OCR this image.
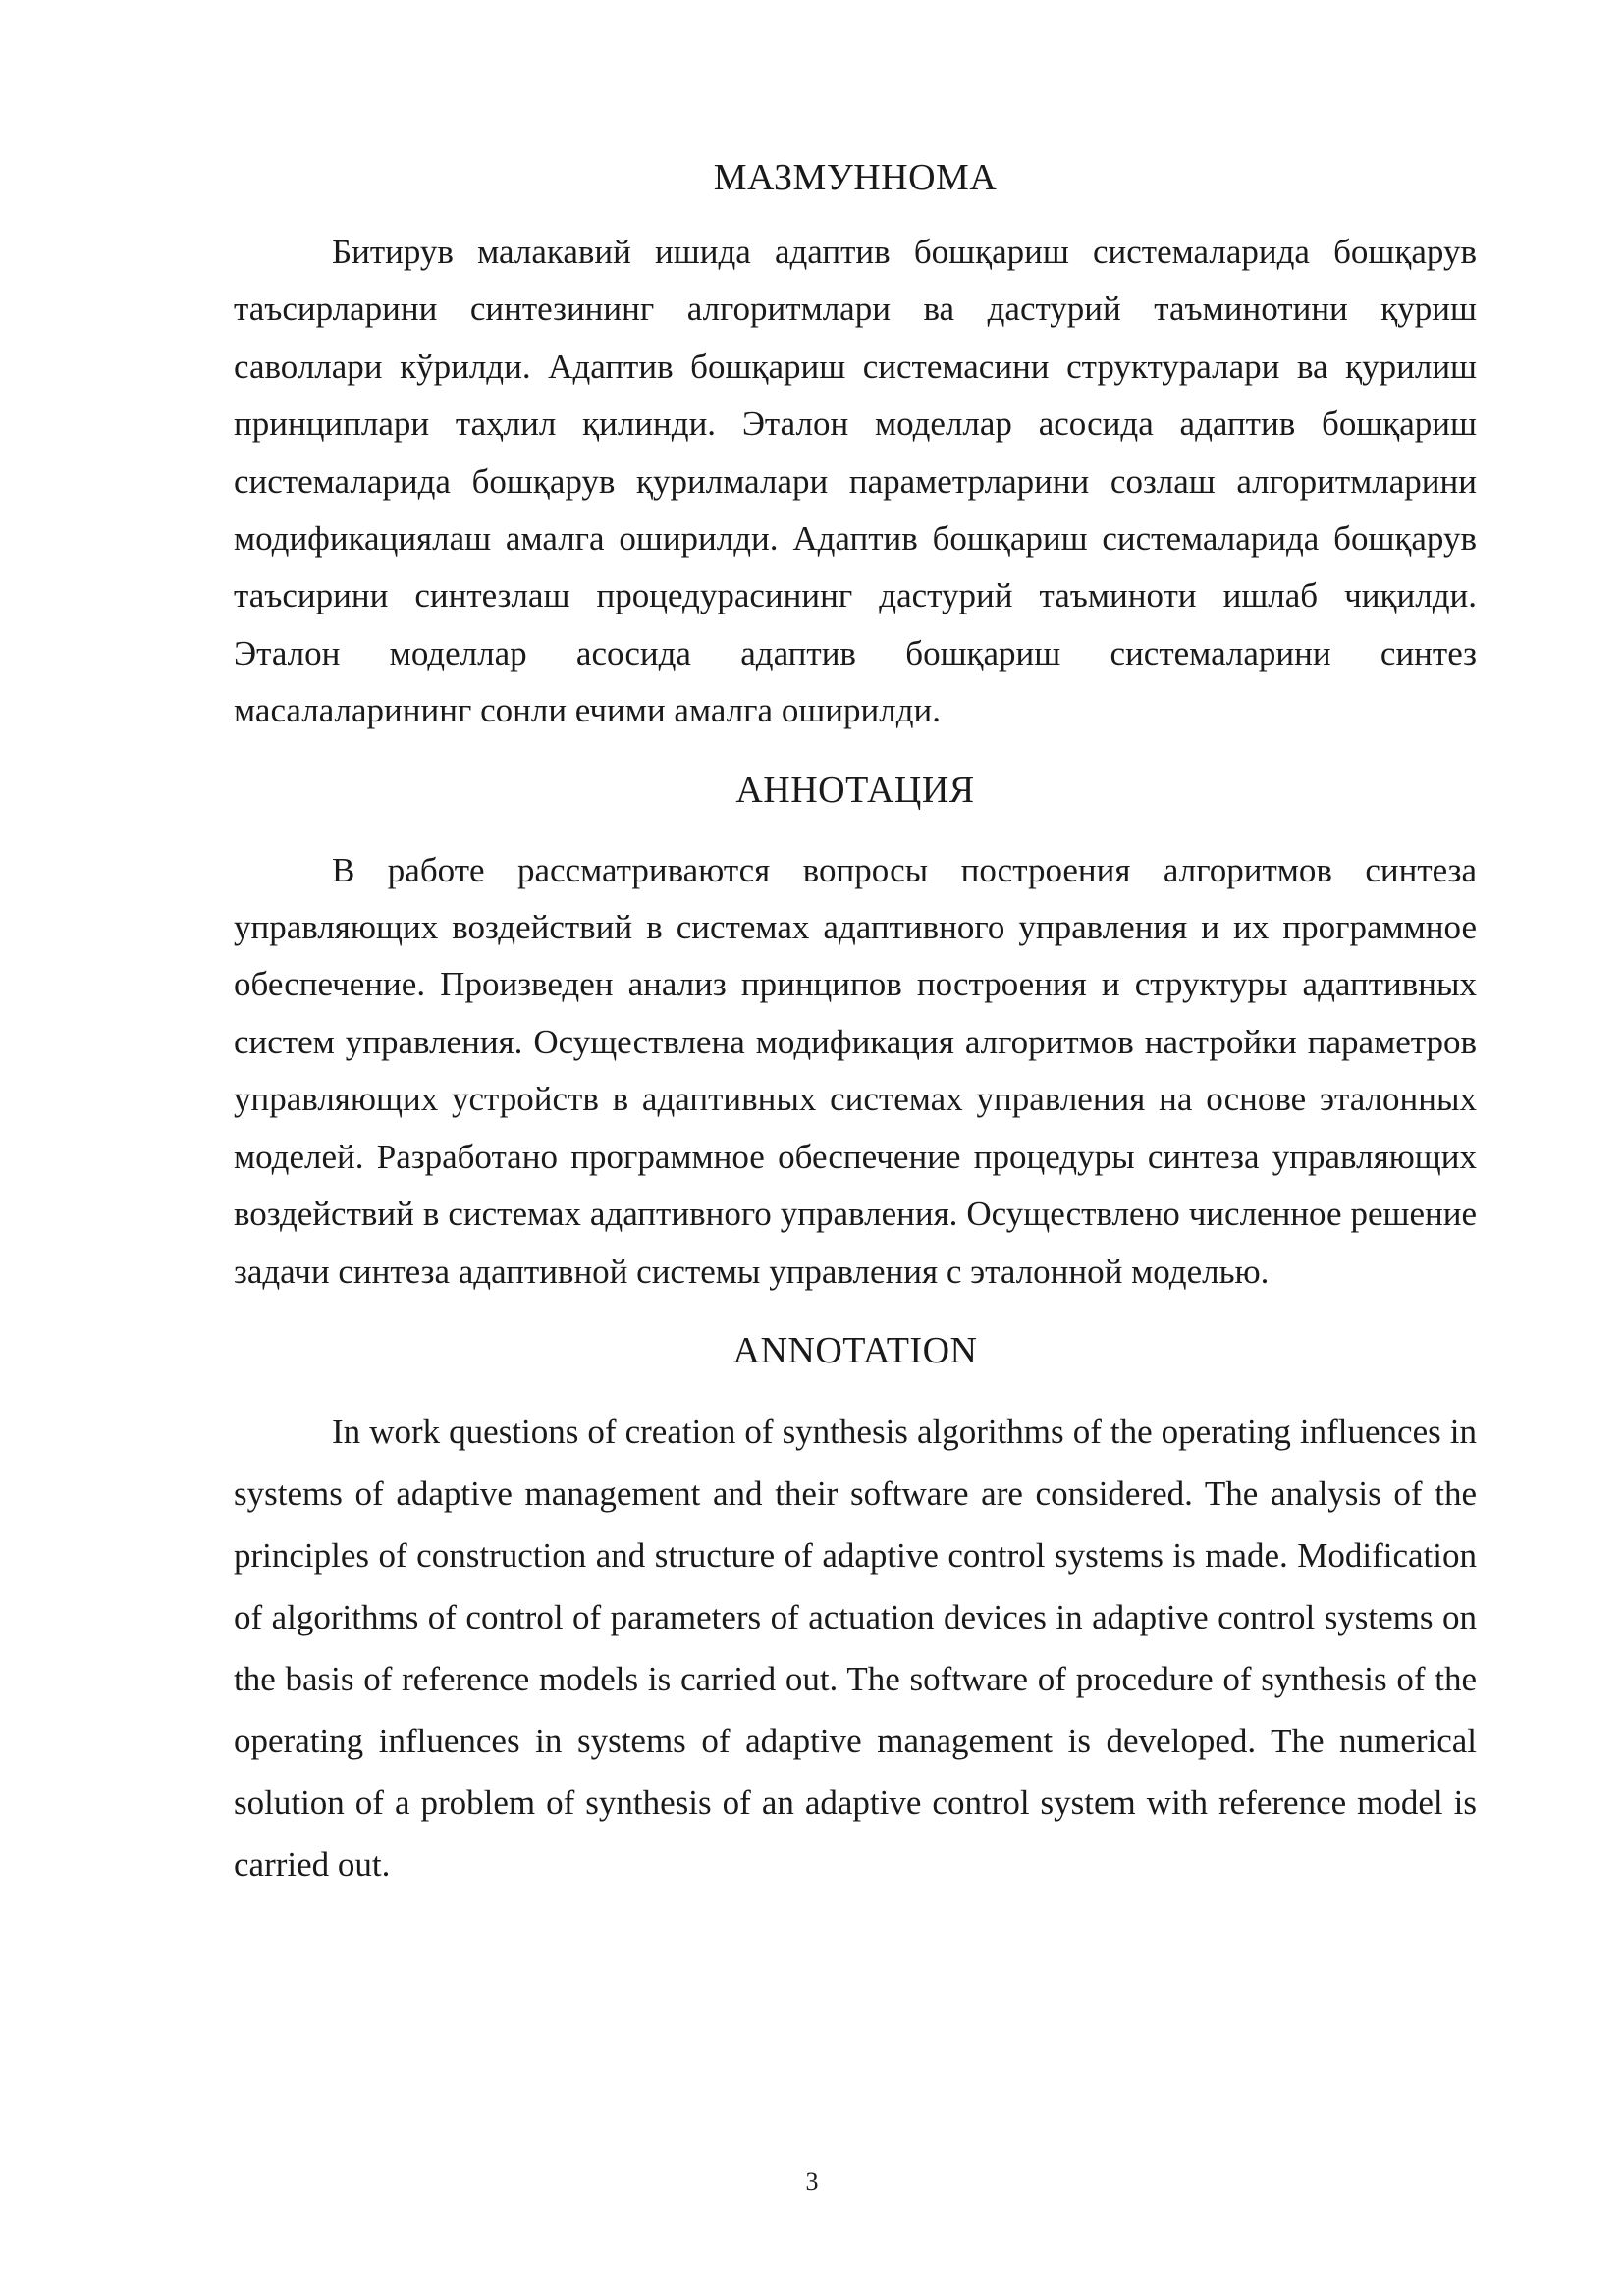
МАЗМУННОМА

Битирув малакавий ишида адаптив бошқариш системаларида бошқарув таъсирларини синтезининг алгоритмлари ва дастурий таъминотини қуриш саволлари кўрилди. Адаптив бошқариш системасини структуралари ва қурилиш принциплари таҳлил қилинди. Эталон моделлар асосида адаптив бошқариш системаларида бошқарув қурилмалари параметрларини созлаш алгоритмларини модификациялаш амалга оширилди. Адаптив бошқариш системаларида бошқарув таъсирини синтезлаш процедурасининг дастурий таъминоти ишлаб чиқилди. Эталон моделлар асосида адаптив бошқариш системаларини синтез масалаларининг сонли ечими амалга оширилди.

АННОТАЦИЯ

В работе рассматриваются вопросы построения алгоритмов синтеза управляющих воздействий в системах адаптивного управления и их программное обеспечение. Произведен анализ принципов построения и структуры адаптивных систем управления. Осуществлена модификация алгоритмов настройки параметров управляющих устройств в адаптивных системах управления на основе эталонных моделей. Разработано программное обеспечение процедуры синтеза управляющих воздействий в системах адаптивного управления. Осуществлено численное решение задачи синтеза адаптивной системы управления с эталонной моделью.

ANNOTATION

In work questions of creation of synthesis algorithms of the operating influences in systems of adaptive management and their software are considered. The analysis of the principles of construction and structure of adaptive control systems is made. Modification of algorithms of control of parameters of actuation devices in adaptive control systems on the basis of reference models is carried out. The software of procedure of synthesis of the operating influences in systems of adaptive management is developed. The numerical solution of a problem of synthesis of an adaptive control system with reference model is carried out.

3
